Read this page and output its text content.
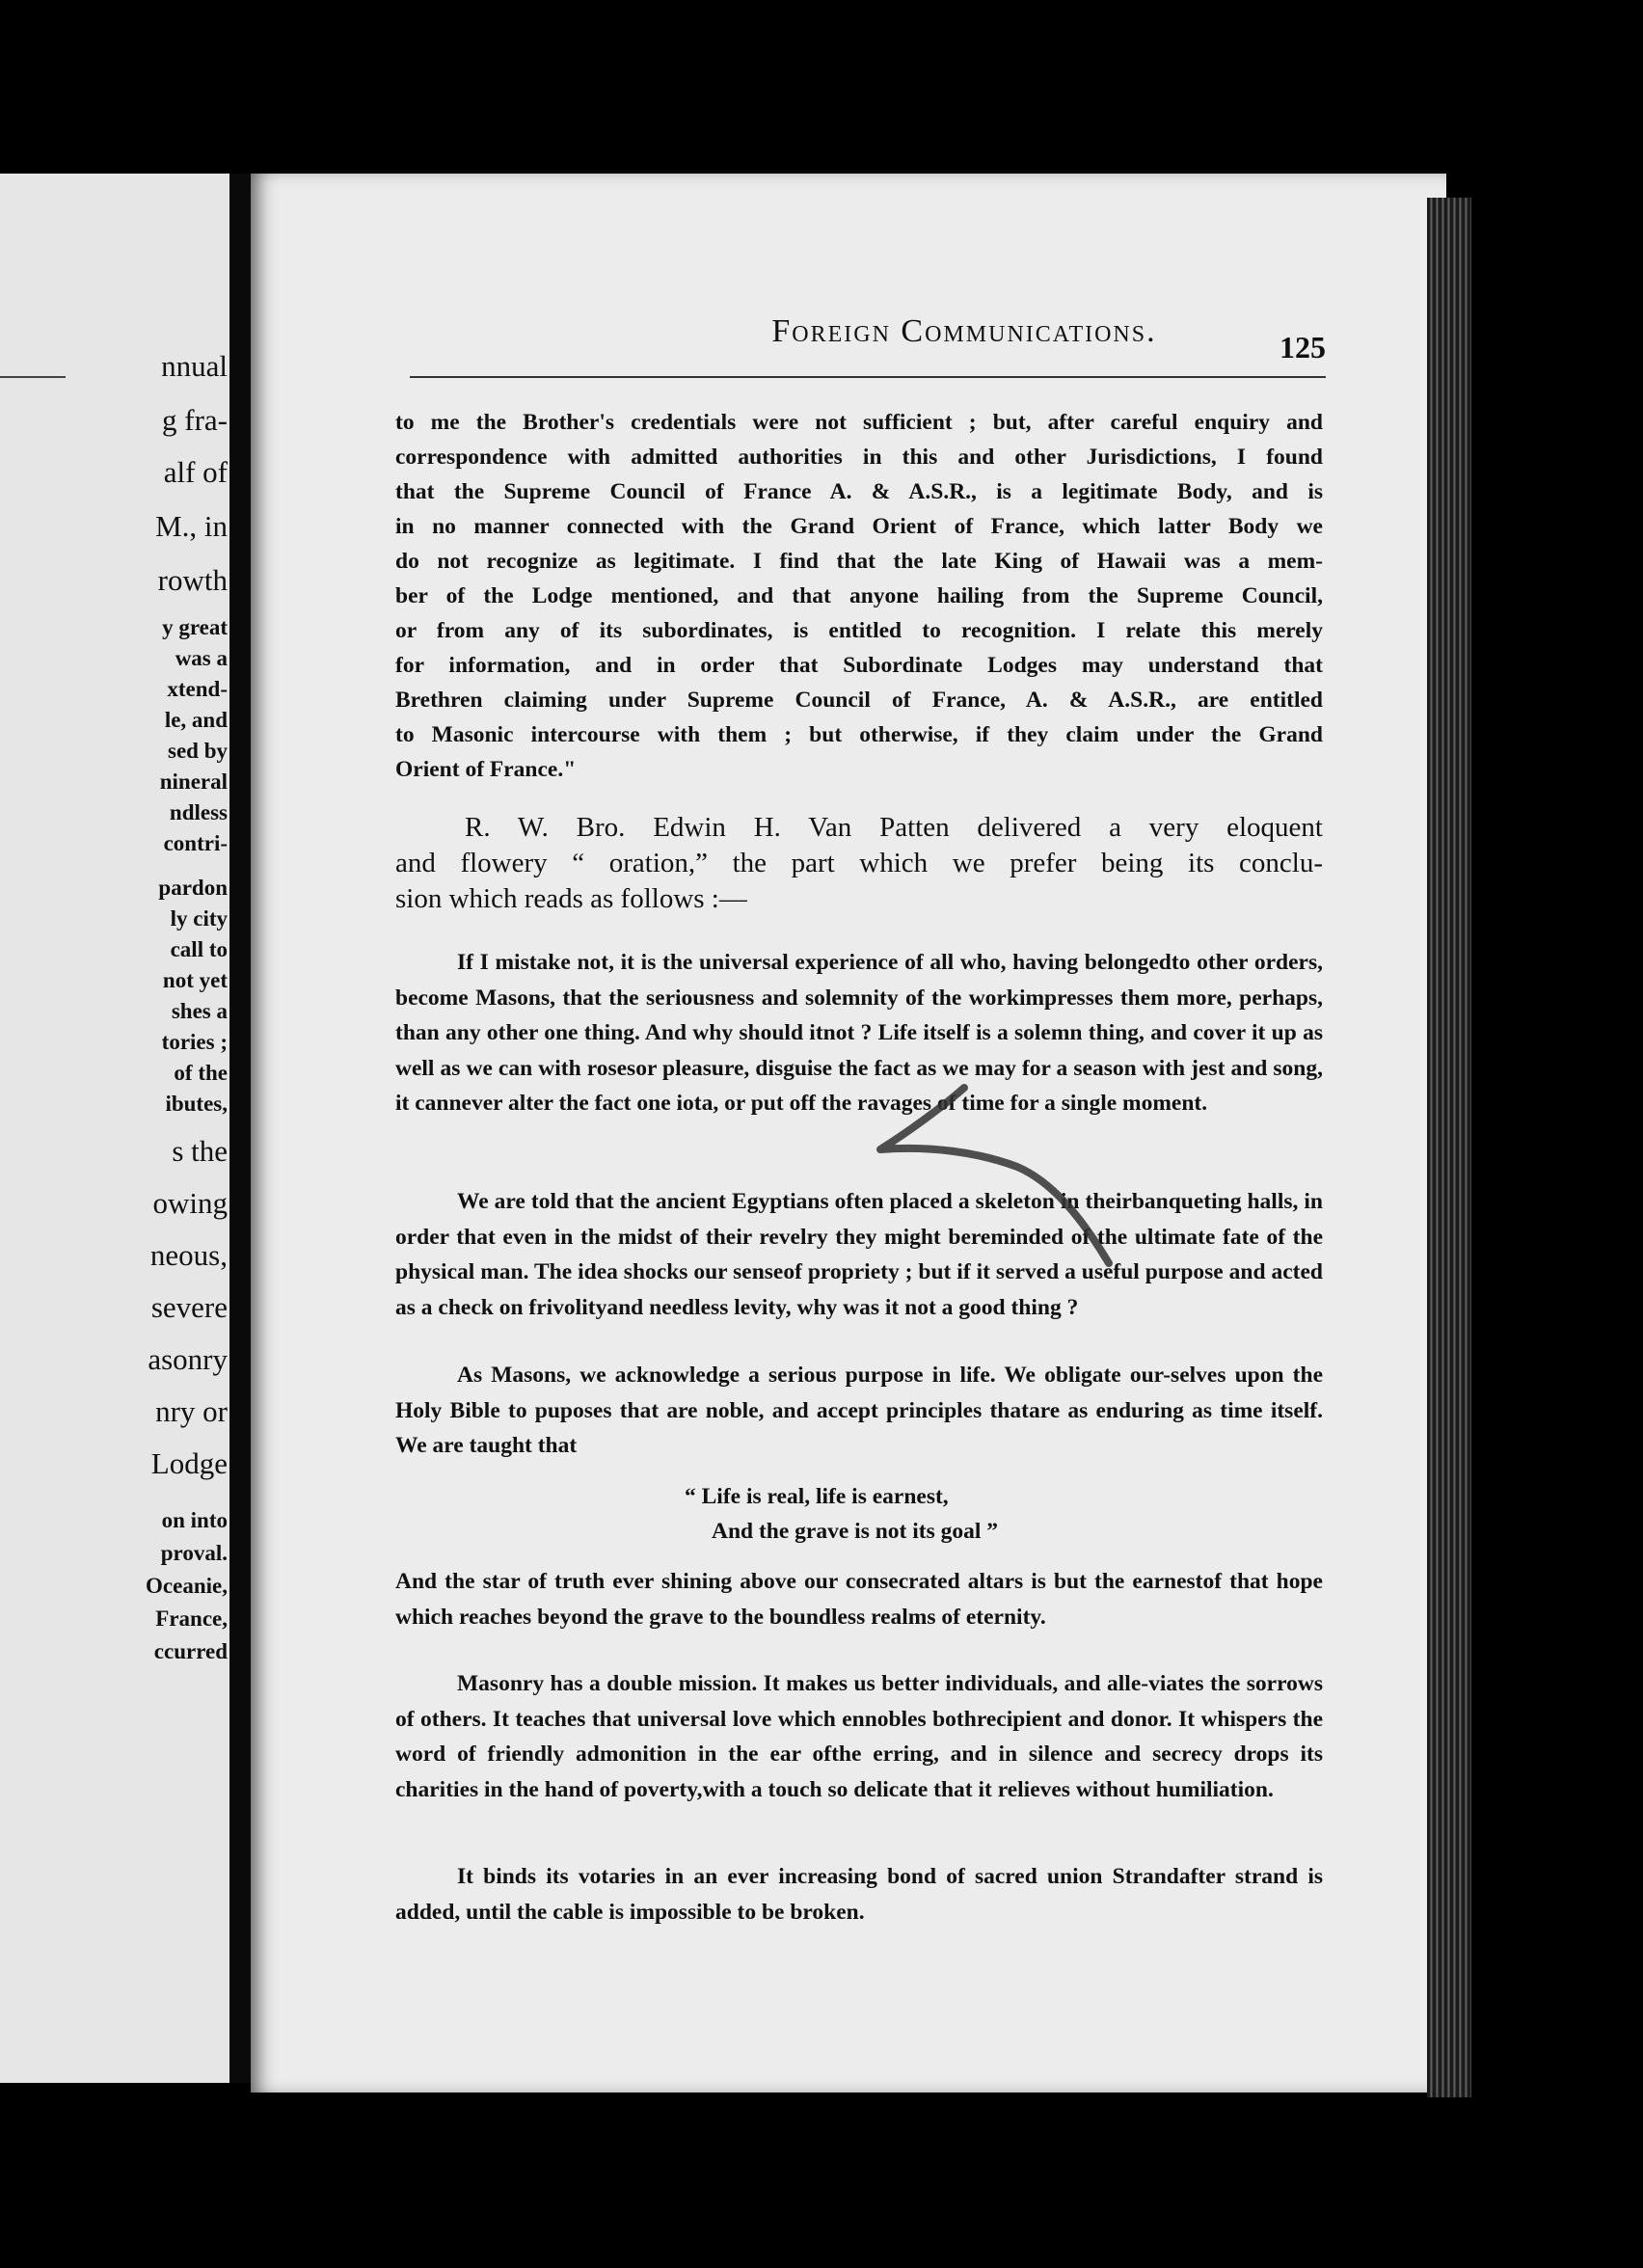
nnual
g fra-
alf of
M., in
rowth
y great
was a
xtend-
le, and
sed by
nineral
ndless
contri-
pardon
ly city
call to
not yet
shes a
tories ;
of the
ibutes,
s the
owing
neous,
severe
asonry
nry or
Lodge
on into
proval.
Oceanie,
France,
ccurred
Foreign Communications.	125
to me the Brother's credentials were not sufficient ; but, after careful enquiry and
correspondence with admitted authorities in this and other Jurisdictions, I found
that the Supreme Council of France A. & A.S.R., is a legitimate Body, and is
in no manner connected with the Grand Orient of France, which latter Body we
do not recognize as legitimate. I find that the late King of Hawaii was a mem-
ber of the Lodge mentioned, and that anyone hailing from the Supreme Council,
or from any of its subordinates, is entitled to recognition. I relate this merely
for information, and in order that Subordinate Lodges may understand that
Brethren claiming under Supreme Council of France, A. & A.S.R., are entitled
to Masonic intercourse with them ; but otherwise, if they claim under the Grand
Orient of France."
R. W. Bro. Edwin H. Van Patten delivered a very eloquent
and flowery “ oration,” the part which we prefer being its conclu-
sion which reads as follows :—
If I mistake not, it is the universal experience of all who, having belongedto other orders, become Masons, that the seriousness and solemnity of the workimpresses them more, perhaps, than any other one thing. And why should itnot ? Life itself is a solemn thing, and cover it up as well as we can with rosesor pleasure, disguise the fact as we may for a season with jest and song, it cannever alter the fact one iota, or put off the ravages of time for a single moment.
We are told that the ancient Egyptians often placed a skeleton in theirbanqueting halls, in order that even in the midst of their revelry they might bereminded of the ultimate fate of the physical man. The idea shocks our senseof propriety ; but if it served a useful purpose and acted as a check on frivolityand needless levity, why was it not a good thing ?
As Masons, we acknowledge a serious purpose in life. We obligate our-selves upon the Holy Bible to puposes that are noble, and accept principles thatare as enduring as time itself. We are taught that
“ Life is real, life is earnest,
And the grave is not its goal ”
And the star of truth ever shining above our consecrated altars is but the earnestof that hope which reaches beyond the grave to the boundless realms of eternity.
Masonry has a double mission. It makes us better individuals, and alle-viates the sorrows of others. It teaches that universal love which ennobles bothrecipient and donor. It whispers the word of friendly admonition in the ear ofthe erring, and in silence and secrecy drops its charities in the hand of poverty,with a touch so delicate that it relieves without humiliation.
It binds its votaries in an ever increasing bond of sacred union Strandafter strand is added, until the cable is impossible to be broken.
